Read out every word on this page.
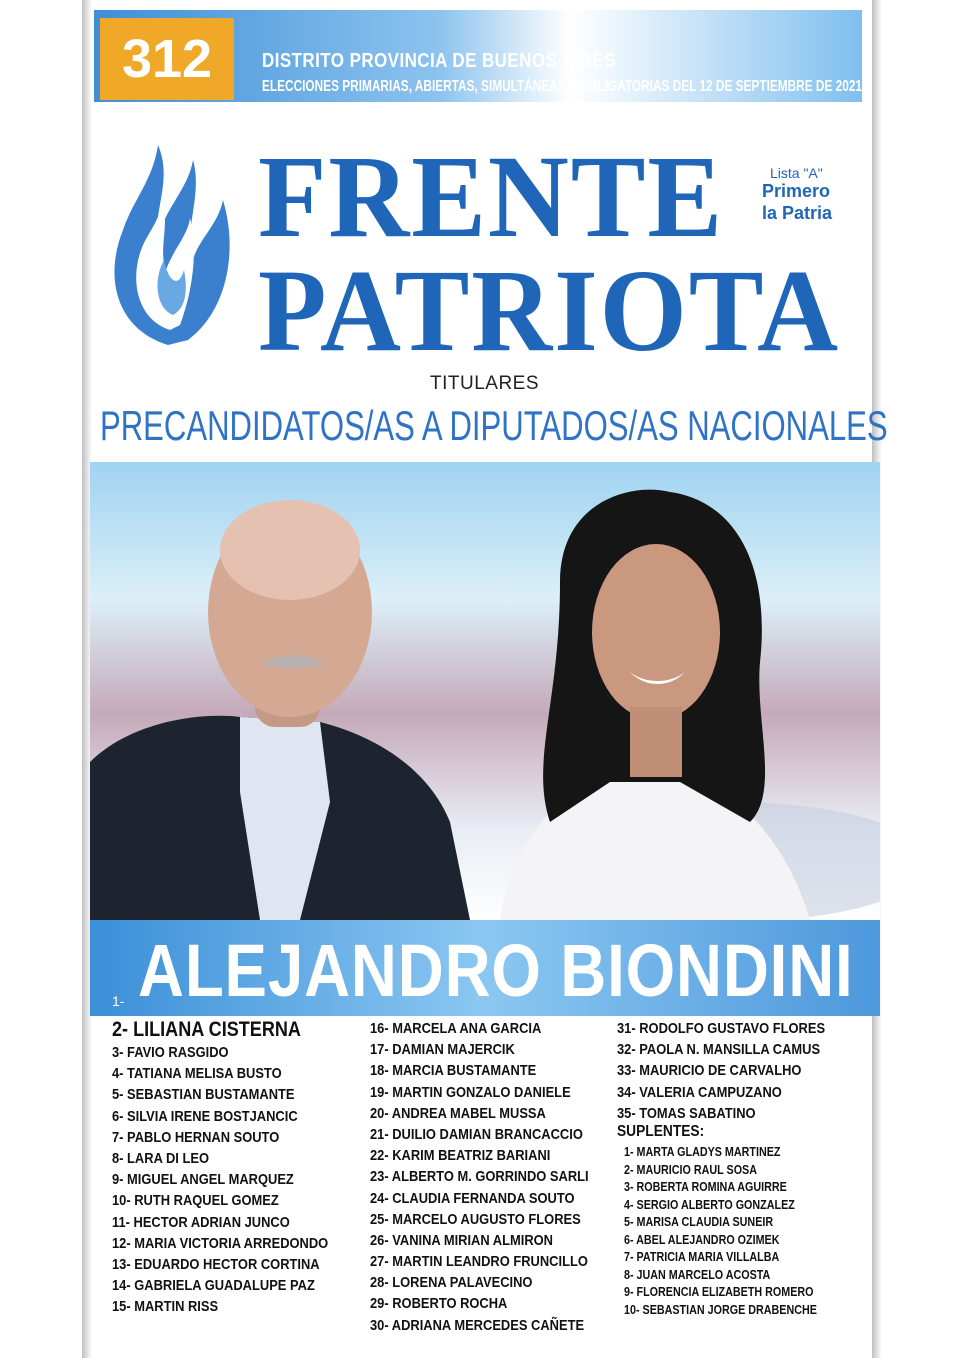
312	DISTRITO PROVINCIA DE BUENOS AIRES
ELECCIONES PRIMARIAS, ABIERTAS, SIMULTÁNEAS Y OBLIGATORIAS DEL 12 DE SEPTIEMBRE DE 2021
FRENTE
PATRIOTA
Lista "A"
Primero
la Patria
TITULARES
PRECANDIDATOS/AS A DIPUTADOS/AS NACIONALES
1- ALEJANDRO BIONDINI
2- LILIANA CISTERNA
3- FAVIO RASGIDO
4- TATIANA MELISA BUSTO
5- SEBASTIAN BUSTAMANTE
6- SILVIA IRENE BOSTJANCIC
7- PABLO HERNAN SOUTO
8- LARA DI LEO
9- MIGUEL ANGEL MARQUEZ
10- RUTH RAQUEL GOMEZ
11- HECTOR ADRIAN JUNCO
12- MARIA VICTORIA ARREDONDO
13- EDUARDO HECTOR CORTINA
14- GABRIELA GUADALUPE PAZ
15- MARTIN RISS
16- MARCELA ANA GARCIA
17- DAMIAN MAJERCIK
18- MARCIA BUSTAMANTE
19- MARTIN GONZALO DANIELE
20- ANDREA MABEL MUSSA
21- DUILIO DAMIAN BRANCACCIO
22- KARIM BEATRIZ BARIANI
23- ALBERTO M. GORRINDO SARLI
24- CLAUDIA FERNANDA SOUTO
25- MARCELO AUGUSTO FLORES
26- VANINA MIRIAN ALMIRON
27- MARTIN LEANDRO FRUNCILLO
28- LORENA PALAVECINO
29- ROBERTO ROCHA
30- ADRIANA MERCEDES CAÑETE
31- RODOLFO GUSTAVO FLORES
32- PAOLA N. MANSILLA CAMUS
33- MAURICIO DE CARVALHO
34- VALERIA CAMPUZANO
35- TOMAS SABATINO
SUPLENTES:
1- MARTA GLADYS MARTINEZ
2- MAURICIO RAUL SOSA
3- ROBERTA ROMINA AGUIRRE
4- SERGIO ALBERTO GONZALEZ
5- MARISA CLAUDIA SUNEIR
6- ABEL ALEJANDRO OZIMEK
7- PATRICIA MARIA VILLALBA
8- JUAN MARCELO ACOSTA
9- FLORENCIA ELIZABETH ROMERO
10- SEBASTIAN JORGE DRABENCHE
